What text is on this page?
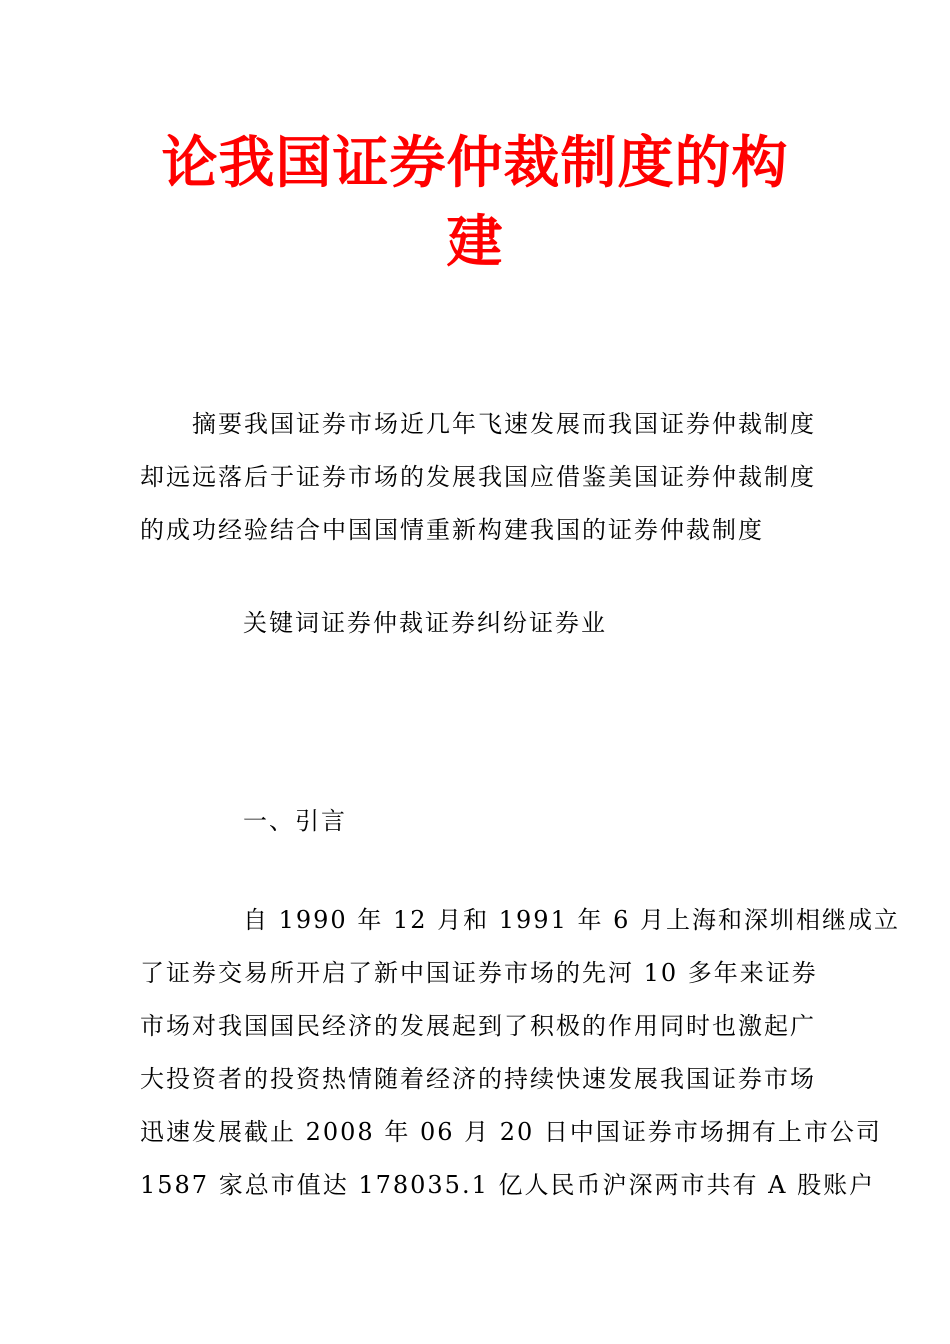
论我国证券仲裁制度的构
建
摘要我国证券市场近几年飞速发展而我国证券仲裁制度
却远远落后于证券市场的发展我国应借鉴美国证券仲裁制度
的成功经验结合中国国情重新构建我国的证券仲裁制度
关键词证券仲裁证券纠纷证券业
一、引言
自 1990 年 12 月和 1991 年 6 月上海和深圳相继成立
了证券交易所开启了新中国证券市场的先河 10 多年来证券
市场对我国国民经济的发展起到了积极的作用同时也激起广
大投资者的投资热情随着经济的持续快速发展我国证券市场
迅速发展截止 2008 年 06 月 20 日中国证券市场拥有上市公司
1587 家总市值达 178035.1 亿人民币沪深两市共有 A 股账户
